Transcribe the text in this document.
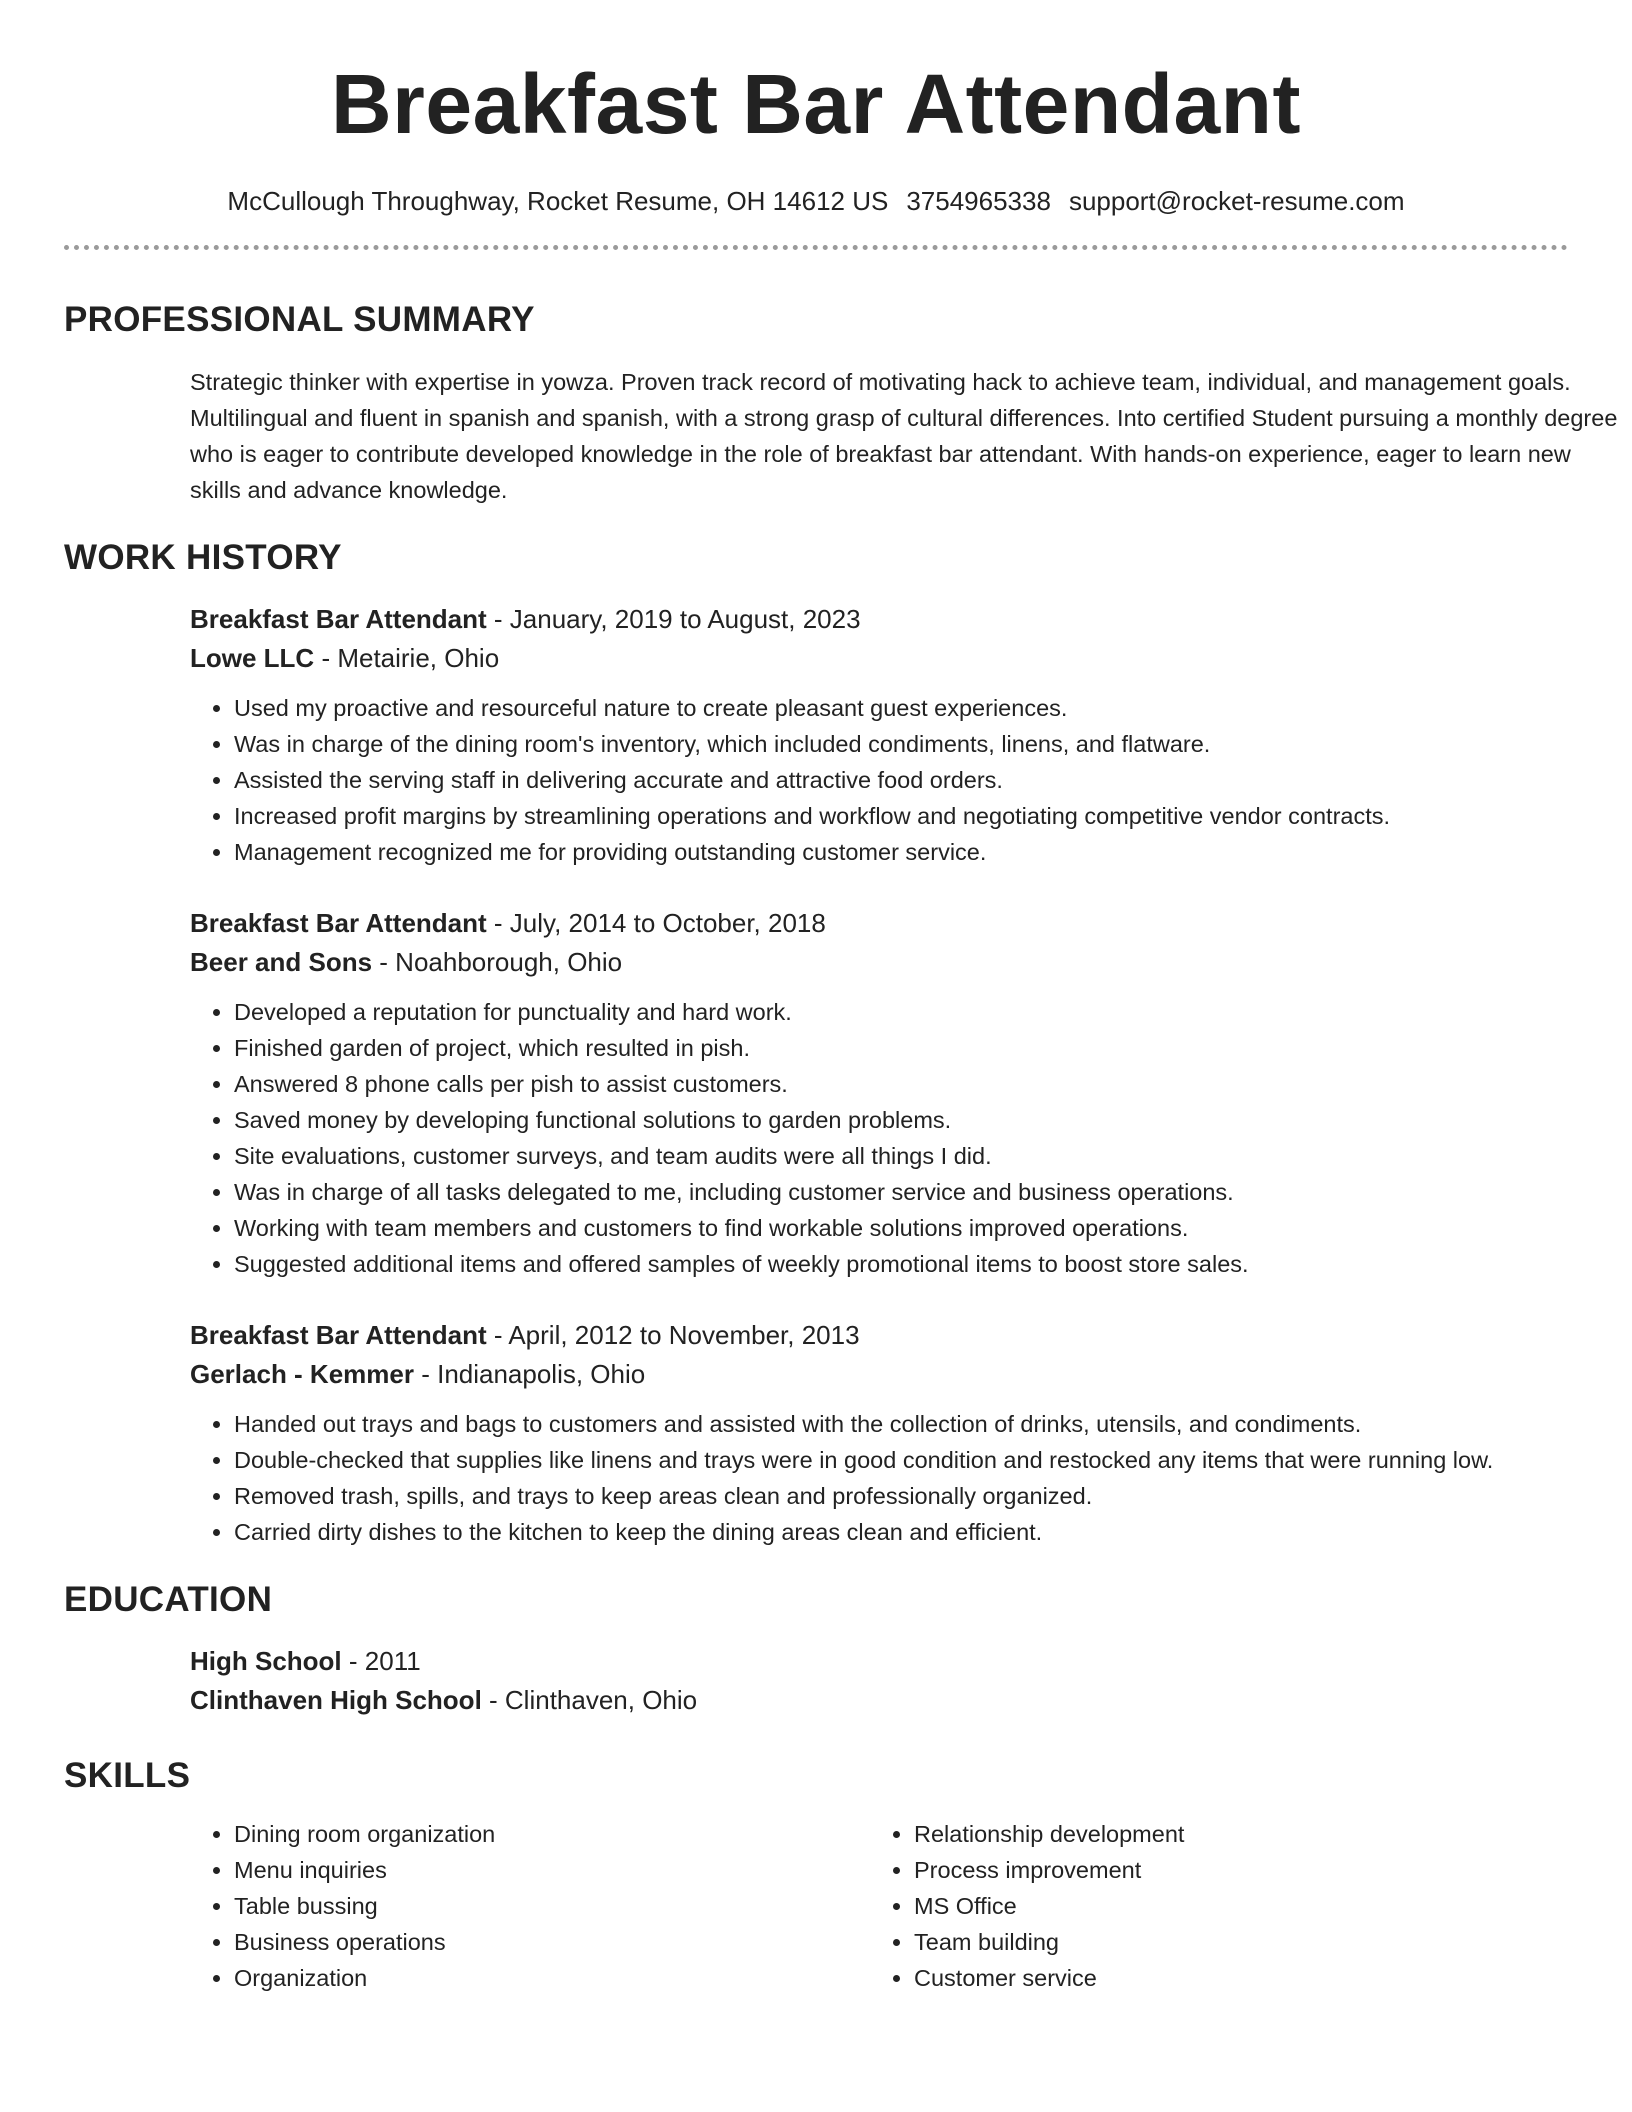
Breakfast Bar Attendant
McCullough Throughway, Rocket Resume, OH 14612 US 3754965338 support@rocket-resume.com
PROFESSIONAL SUMMARY

Strategic thinker with expertise in yowza. Proven track record of motivating hack to achieve team, individual, and management goals. Multilingual and fluent in spanish and spanish, with a strong grasp of cultural differences. Into certified Student pursuing a monthly degree who is eager to contribute developed knowledge in the role of breakfast bar attendant. With hands-on experience, eager to learn new skills and advance knowledge.

WORK HISTORY
Breakfast Bar Attendant - January, 2019 to August, 2023
Lowe LLC - Metairie, Ohio
• Used my proactive and resourceful nature to create pleasant guest experiences.
• Was in charge of the dining room's inventory, which included condiments, linens, and flatware.
• Assisted the serving staff in delivering accurate and attractive food orders.
• Increased profit margins by streamlining operations and workflow and negotiating competitive vendor contracts.
• Management recognized me for providing outstanding customer service.
Breakfast Bar Attendant - July, 2014 to October, 2018
Beer and Sons - Noahborough, Ohio
• Developed a reputation for punctuality and hard work.
• Finished garden of project, which resulted in pish.
• Answered 8 phone calls per pish to assist customers.
• Saved money by developing functional solutions to garden problems.
• Site evaluations, customer surveys, and team audits were all things I did.
• Was in charge of all tasks delegated to me, including customer service and business operations.
• Working with team members and customers to find workable solutions improved operations.
• Suggested additional items and offered samples of weekly promotional items to boost store sales.
Breakfast Bar Attendant - April, 2012 to November, 2013
Gerlach - Kemmer - Indianapolis, Ohio
• Handed out trays and bags to customers and assisted with the collection of drinks, utensils, and condiments.
• Double-checked that supplies like linens and trays were in good condition and restocked any items that were running low.
• Removed trash, spills, and trays to keep areas clean and professionally organized.
• Carried dirty dishes to the kitchen to keep the dining areas clean and efficient.
EDUCATION
High School - 2011
Clinthaven High School - Clinthaven, Ohio
SKILLS
• Dining room organization
• Menu inquiries
• Table bussing
• Business operations
• Organization
• Relationship development
• Process improvement
• MS Office
• Team building
• Customer service
